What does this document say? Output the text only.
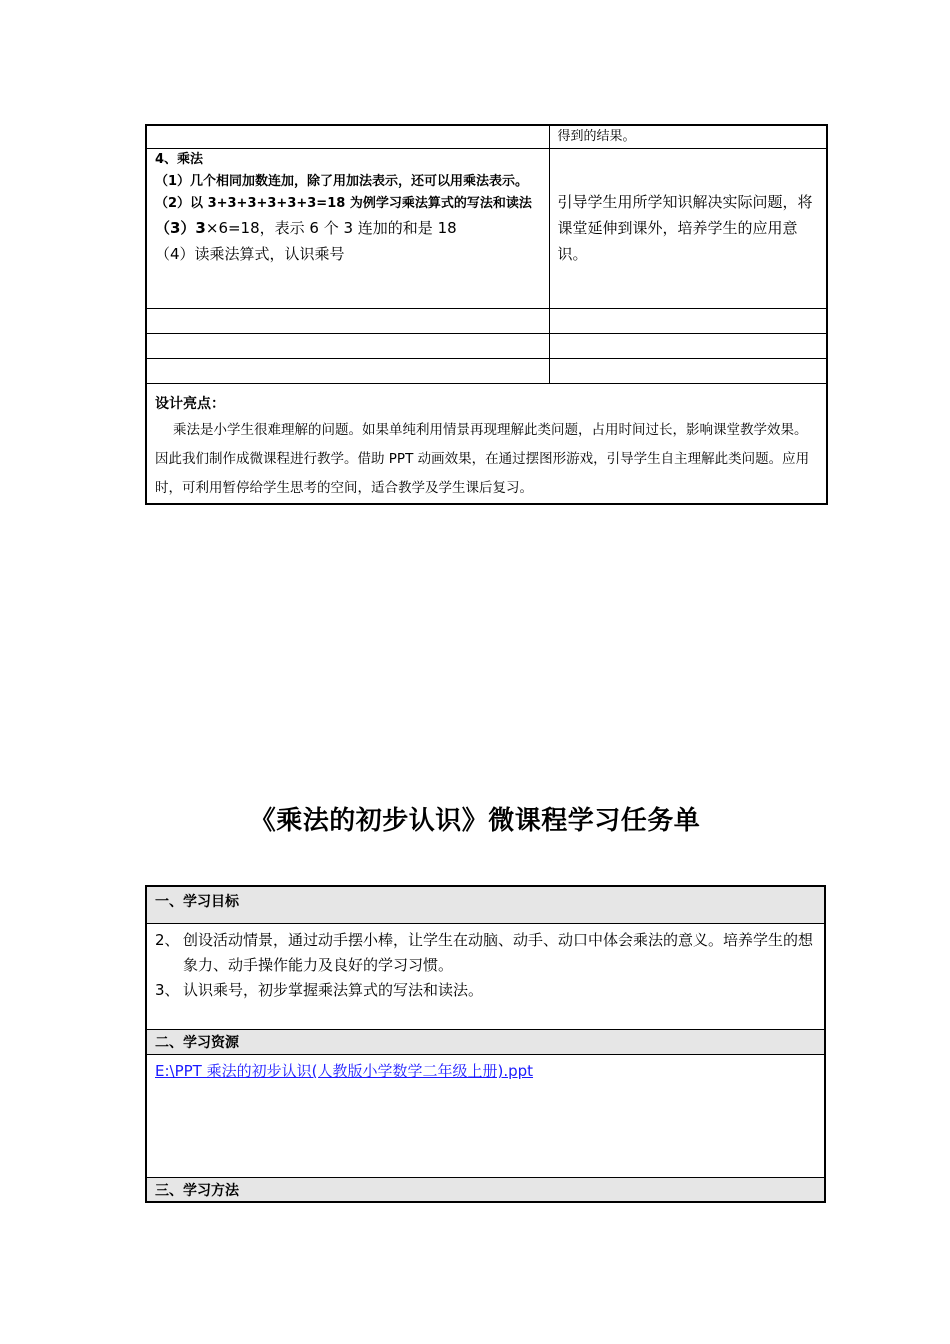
	得到的结果。

4、乘法
（1）几个相同加数连加，除了用加法表示，还可以用乘法表示。
（2）以 3+3+3+3+3+3=18 为例学习乘法算式的写法和读法
（3）3×6=18，表示 6 个 3 连加的和是 18
（4）读乘法算式，认识乘号	引导学生用所学知识解决实际问题，将课堂延伸到课外，培养学生的应用意识。

设计亮点：
乘法是小学生很难理解的问题。如果单纯利用情景再现理解此类问题，占用时间过长，影响课堂教学效果。因此我们制作成微课程进行教学。借助 PPT 动画效果，在通过摆图形游戏，引导学生自主理解此类问题。应用时，可利用暂停给学生思考的空间，适合教学及学生课后复习。	
《乘法的初步认识》微课程学习任务单
一、学习目标
2、 创设活动情景，通过动手摆小棒，让学生在动脑、动手、动口中体会乘法的意义。培养学生的想象力、动手操作能力及良好的学习习惯。
3、 认识乘号，初步掌握乘法算式的写法和读法。
二、学习资源
E:\PPT 乘法的初步认识(人教版小学数学二年级上册).ppt
三、学习方法
